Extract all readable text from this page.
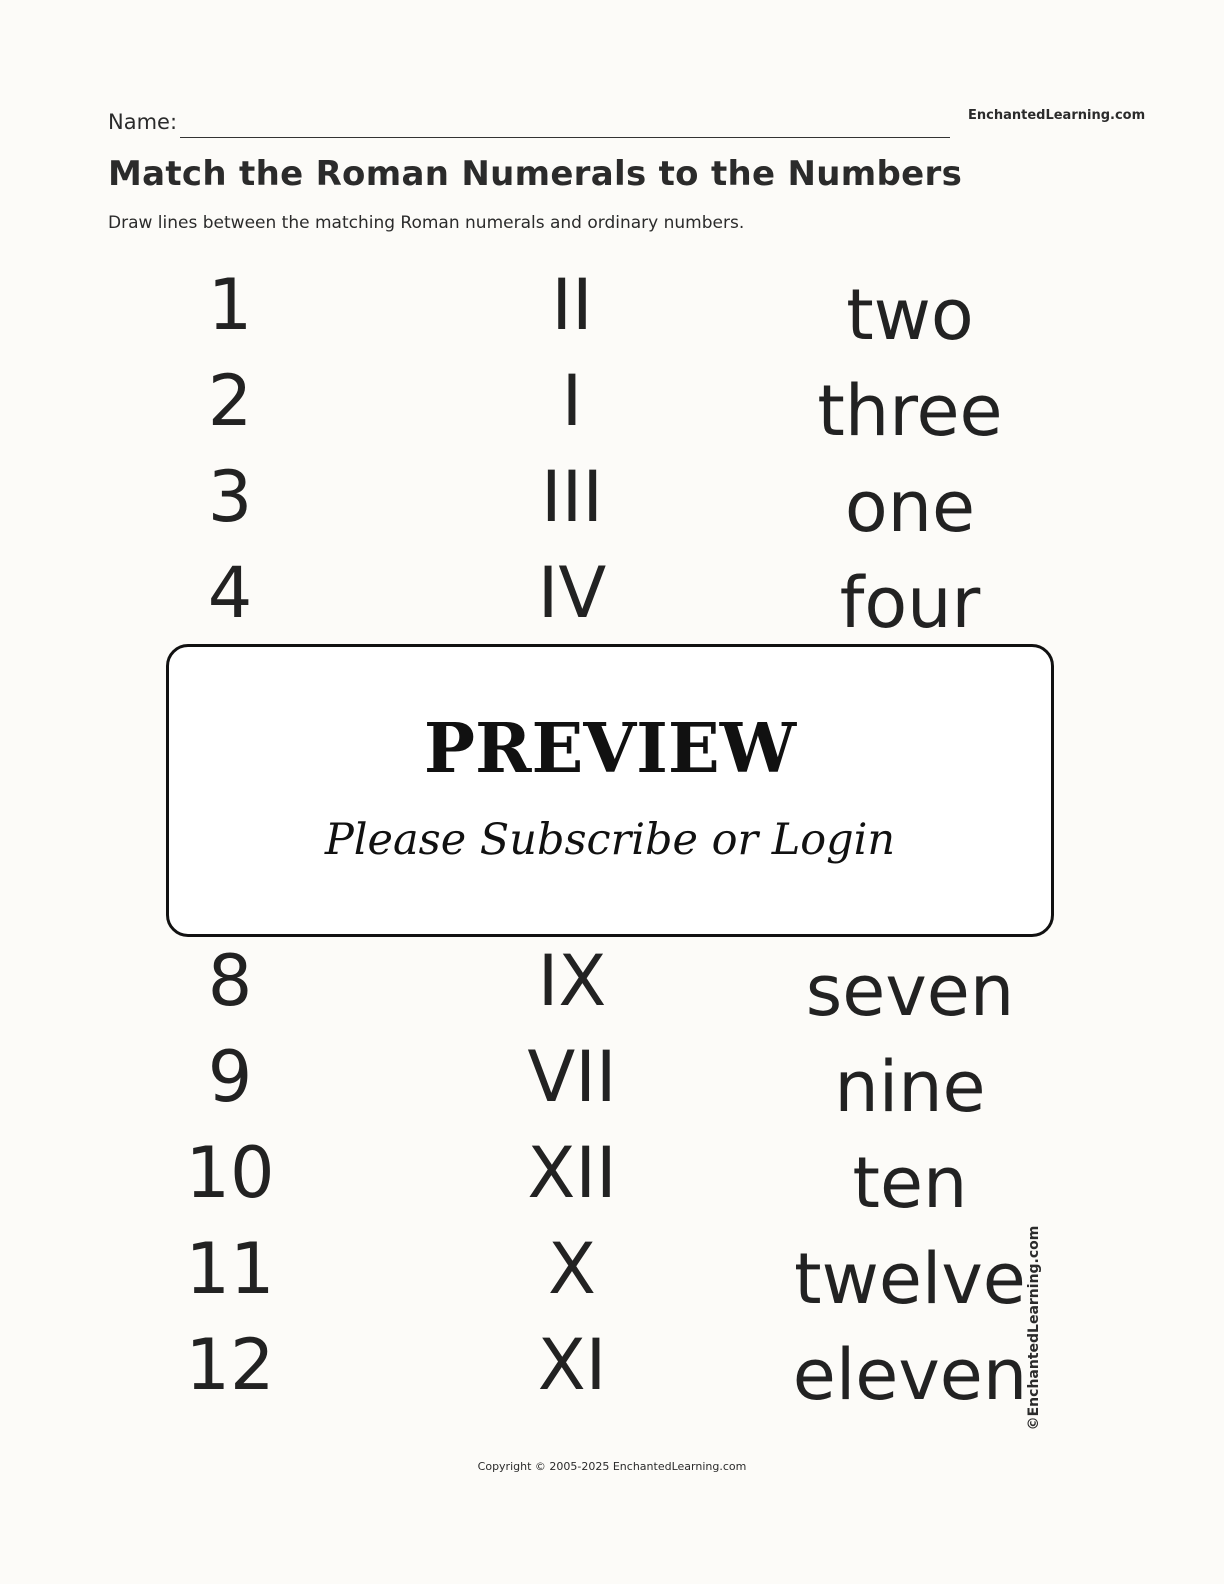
Name:	EnchantedLearning.com
Match the Roman Numerals to the Numbers
Draw lines between the matching Roman numerals and ordinary numbers.
1	II	two
2	I	three
3	III	one
4	IV	four
PREVIEW
Please Subscribe or Login
8	IX	seven
9	VII	nine
10	XII	ten
11	X	twelve
12	XI	eleven
©EnchantedLearning.com
Copyright © 2005-2025 EnchantedLearning.com
